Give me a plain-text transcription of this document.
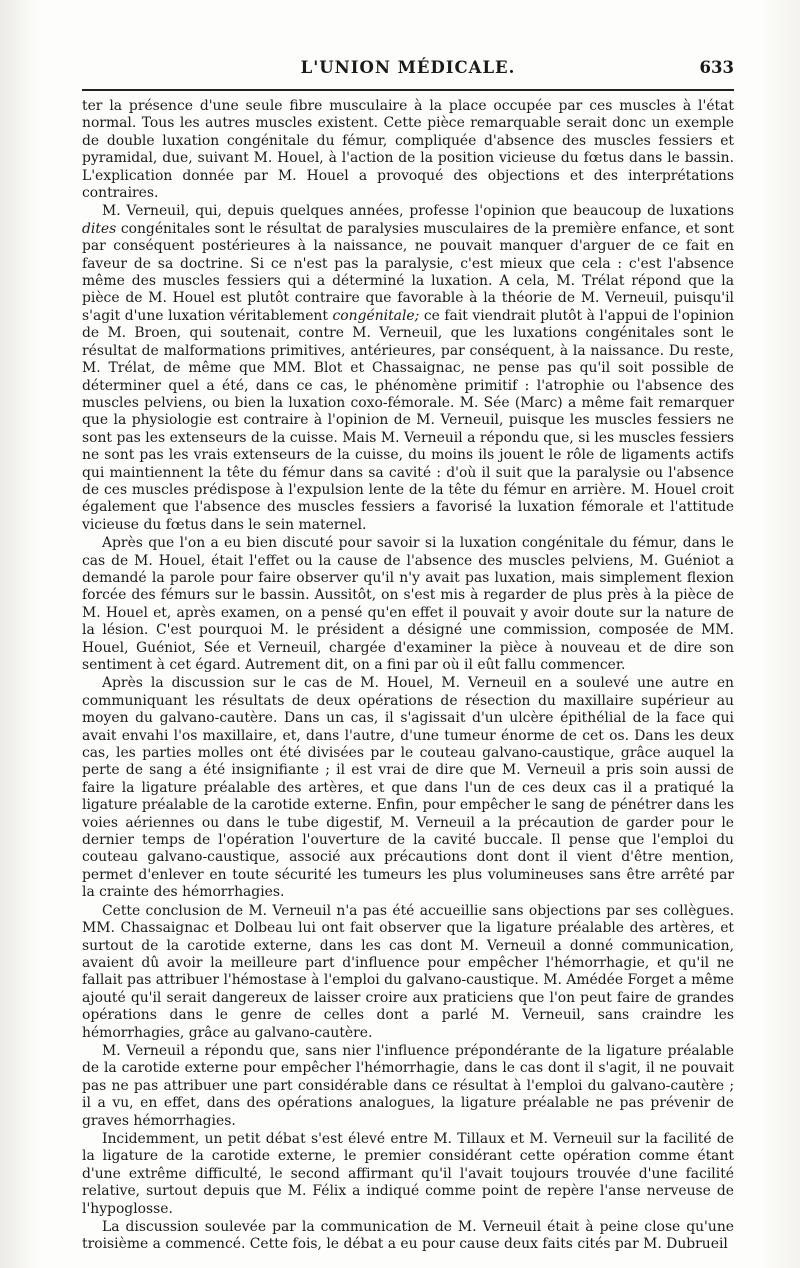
L'UNION MÉDICALE.	633

ter la présence d'une seule fibre musculaire à la place occupée par ces muscles à l'état normal. Tous les autres muscles existent. Cette pièce remarquable serait donc un exemple de double luxation congénitale du fémur, compliquée d'absence des muscles fessiers et pyramidal, due, suivant M. Houel, à l'action de la position vicieuse du fœtus dans le bassin. L'explication donnée par M. Houel a provoqué des objections et des interprétations contraires.

M. Verneuil, qui, depuis quelques années, professe l'opinion que beaucoup de luxations dites congénitales sont le résultat de paralysies musculaires de la première enfance, et sont par conséquent postérieures à la naissance, ne pouvait manquer d'arguer de ce fait en faveur de sa doctrine. Si ce n'est pas la paralysie, c'est mieux que cela : c'est l'absence même des muscles fessiers qui a déterminé la luxation. A cela, M. Trélat répond que la pièce de M. Houel est plutôt contraire que favorable à la théorie de M. Verneuil, puisqu'il s'agit d'une luxation véritablement congénitale; ce fait viendrait plutôt à l'appui de l'opinion de M. Broen, qui soutenait, contre M. Verneuil, que les luxations congénitales sont le résultat de malformations primitives, antérieures, par conséquent, à la naissance. Du reste, M. Trélat, de même que MM. Blot et Chassaignac, ne pense pas qu'il soit possible de déterminer quel a été, dans ce cas, le phénomène primitif : l'atrophie ou l'absence des muscles pelviens, ou bien la luxation coxo-fémorale. M. Sée (Marc) a même fait remarquer que la physiologie est contraire à l'opinion de M. Verneuil, puisque les muscles fessiers ne sont pas les extenseurs de la cuisse. Mais M. Verneuil a répondu que, si les muscles fessiers ne sont pas les vrais extenseurs de la cuisse, du moins ils jouent le rôle de ligaments actifs qui maintiennent la tête du fémur dans sa cavité : d'où il suit que la paralysie ou l'absence de ces muscles prédispose à l'expulsion lente de la tête du fémur en arrière. M. Houel croit également que l'absence des muscles fessiers a favorisé la luxation fémorale et l'attitude vicieuse du fœtus dans le sein maternel.

Après que l'on a eu bien discuté pour savoir si la luxation congénitale du fémur, dans le cas de M. Houel, était l'effet ou la cause de l'absence des muscles pelviens, M. Guéniot a demandé la parole pour faire observer qu'il n'y avait pas luxation, mais simplement flexion forcée des fémurs sur le bassin. Aussitôt, on s'est mis à regarder de plus près à la pièce de M. Houel et, après examen, on a pensé qu'en effet il pouvait y avoir doute sur la nature de la lésion. C'est pourquoi M. le président a désigné une commission, composée de MM. Houel, Guéniot, Sée et Verneuil, chargée d'examiner la pièce à nouveau et de dire son sentiment à cet égard. Autrement dit, on a fini par où il eût fallu commencer.

Après la discussion sur le cas de M. Houel, M. Verneuil en a soulevé une autre en communiquant les résultats de deux opérations de résection du maxillaire supérieur au moyen du galvano-cautère. Dans un cas, il s'agissait d'un ulcère épithélial de la face qui avait envahi l'os maxillaire, et, dans l'autre, d'une tumeur énorme de cet os. Dans les deux cas, les parties molles ont été divisées par le couteau galvano-caustique, grâce auquel la perte de sang a été insignifiante ; il est vrai de dire que M. Verneuil a pris soin aussi de faire la ligature préalable des artères, et que dans l'un de ces deux cas il a pratiqué la ligature préalable de la carotide externe. Enfin, pour empêcher le sang de pénétrer dans les voies aériennes ou dans le tube digestif, M. Verneuil a la précaution de garder pour le dernier temps de l'opération l'ouverture de la cavité buccale. Il pense que l'emploi du couteau galvano-caustique, associé aux précautions dont dont il vient d'être mention, permet d'enlever en toute sécurité les tumeurs les plus volumineuses sans être arrêté par la crainte des hémorrhagies.

Cette conclusion de M. Verneuil n'a pas été accueillie sans objections par ses collègues. MM. Chassaignac et Dolbeau lui ont fait observer que la ligature préalable des artères, et surtout de la carotide externe, dans les cas dont M. Verneuil a donné communication, avaient dû avoir la meilleure part d'influence pour empêcher l'hémorrhagie, et qu'il ne fallait pas attribuer l'hémostase à l'emploi du galvano-caustique. M. Amédée Forget a même ajouté qu'il serait dangereux de laisser croire aux praticiens que l'on peut faire de grandes opérations dans le genre de celles dont a parlé M. Verneuil, sans craindre les hémorrhagies, grâce au galvano-cautère.

M. Verneuil a répondu que, sans nier l'influence prépondérante de la ligature préalable de la carotide externe pour empêcher l'hémorrhagie, dans le cas dont il s'agit, il ne pouvait pas ne pas attribuer une part considérable dans ce résultat à l'emploi du galvano-cautère ; il a vu, en effet, dans des opérations analogues, la ligature préalable ne pas prévenir de graves hémorrhagies.

Incidemment, un petit débat s'est élevé entre M. Tillaux et M. Verneuil sur la facilité de la ligature de la carotide externe, le premier considérant cette opération comme étant d'une extrême difficulté, le second affirmant qu'il l'avait toujours trouvée d'une facilité relative, surtout depuis que M. Félix a indiqué comme point de repère l'anse nerveuse de l'hypoglosse.

La discussion soulevée par la communication de M. Verneuil était à peine close qu'une troisième a commencé. Cette fois, le débat a eu pour cause deux faits cités par M. Dubrueil
